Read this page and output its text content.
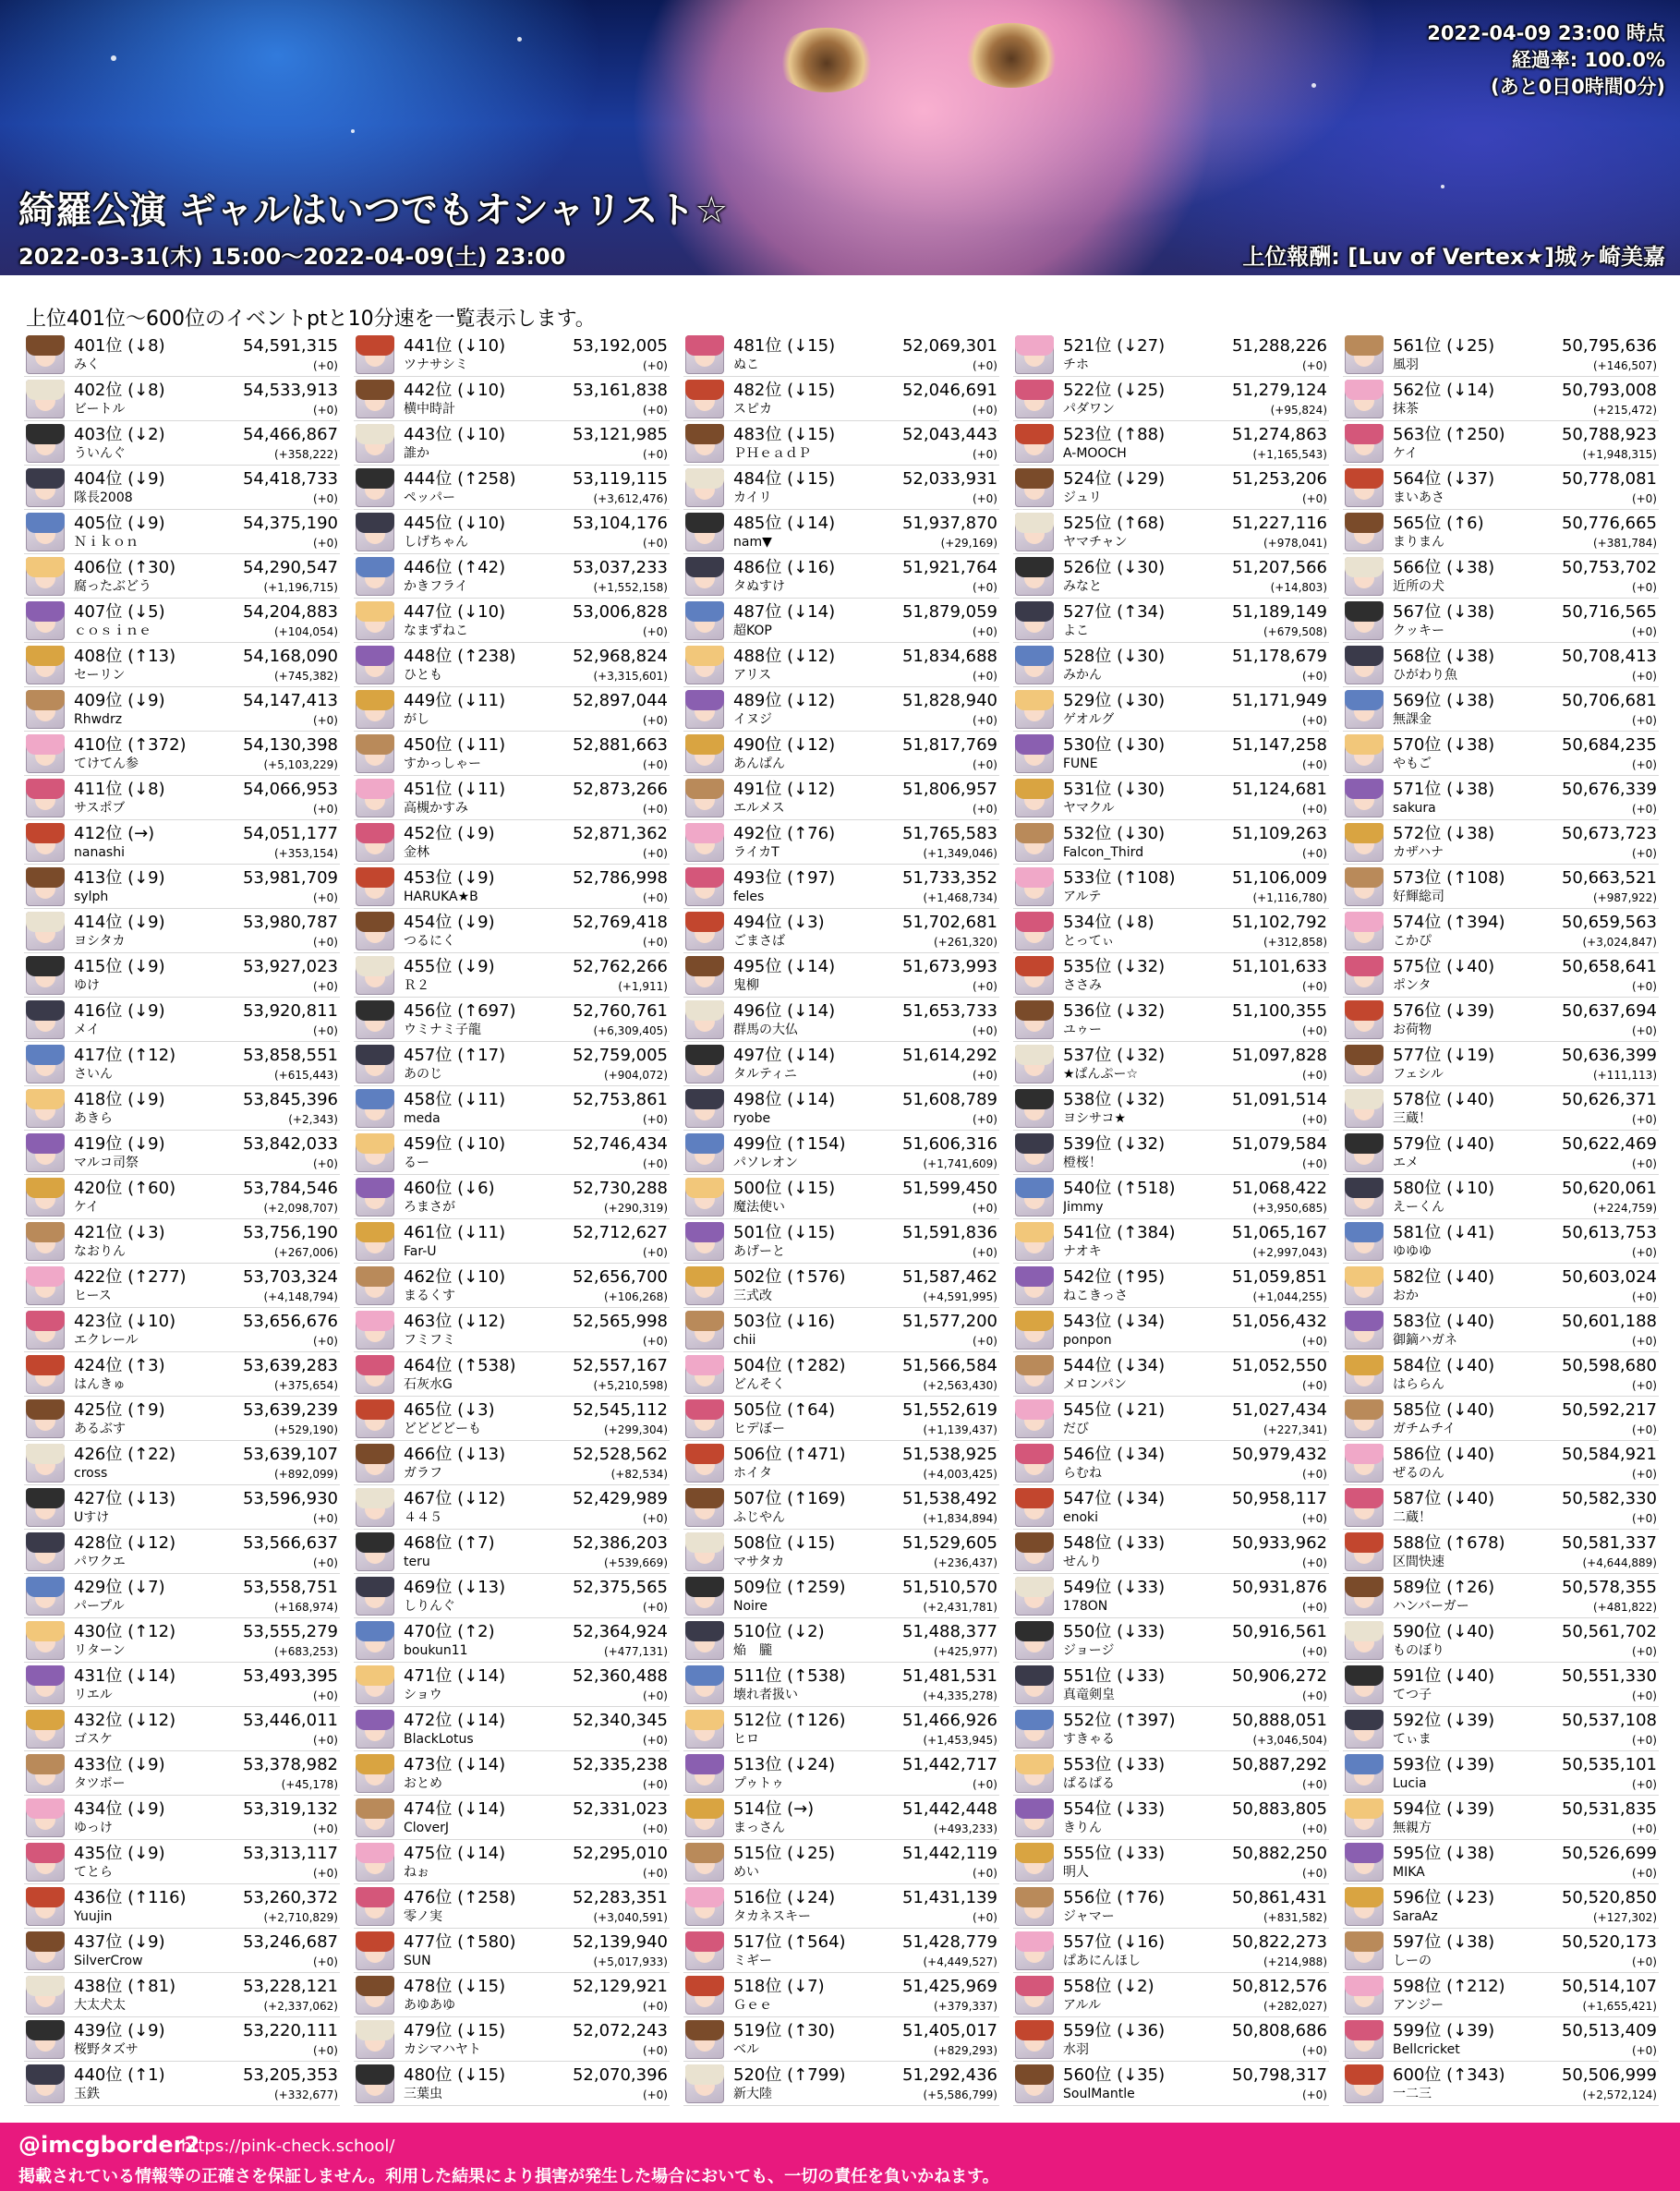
2022-04-09 23:00 時点
経過率: 100.0%
(あと0日0時間0分)
綺羅公演 ギャルはいつでもオシャリスト☆
2022-03-31(木) 15:00〜2022-04-09(土) 23:00	上位報酬: [Luv of Vertex★]城ヶ崎美嘉
上位401位〜600位のイベントptと10分速を一覧表示します。
401位 (↓8)	54,591,315
みく	(+0)
402位 (↓8)	54,533,913
ビートル	(+0)
403位 (↓2)	54,466,867
ういんぐ	(+358,222)
404位 (↓9)	54,418,733
隊長2008	(+0)
405位 (↓9)	54,375,190
Ｎｉｋｏｎ	(+0)
406位 (↑30)	54,290,547
腐ったぶどう	(+1,196,715)
407位 (↓5)	54,204,883
ｃｏｓｉｎｅ	(+104,054)
408位 (↑13)	54,168,090
セーリン	(+745,382)
409位 (↓9)	54,147,413
Rhwdrz	(+0)
410位 (↑372)	54,130,398
てけてん参	(+5,103,229)
411位 (↓8)	54,066,953
サスポブ	(+0)
412位 (→)	54,051,177
nanashi	(+353,154)
413位 (↓9)	53,981,709
sylph	(+0)
414位 (↓9)	53,980,787
ヨシタカ	(+0)
415位 (↓9)	53,927,023
ゆけ	(+0)
416位 (↓9)	53,920,811
メイ	(+0)
417位 (↑12)	53,858,551
さいん	(+615,443)
418位 (↓9)	53,845,396
あきら	(+2,343)
419位 (↓9)	53,842,033
マルコ司祭	(+0)
420位 (↑60)	53,784,546
ケイ	(+2,098,707)
421位 (↓3)	53,756,190
なおりん	(+267,006)
422位 (↑277)	53,703,324
ヒース	(+4,148,794)
423位 (↓10)	53,656,676
エクレール	(+0)
424位 (↑3)	53,639,283
はんきゅ	(+375,654)
425位 (↑9)	53,639,239
あるぶす	(+529,190)
426位 (↑22)	53,639,107
cross	(+892,099)
427位 (↓13)	53,596,930
Uすけ	(+0)
428位 (↓12)	53,566,637
パワクエ	(+0)
429位 (↓7)	53,558,751
パープル	(+168,974)
430位 (↑12)	53,555,279
リターン	(+683,253)
431位 (↓14)	53,493,395
リエル	(+0)
432位 (↓12)	53,446,011
ゴスケ	(+0)
433位 (↓9)	53,378,982
タツボー	(+45,178)
434位 (↓9)	53,319,132
ゆっけ	(+0)
435位 (↓9)	53,313,117
てとら	(+0)
436位 (↑116)	53,260,372
Yuujin	(+2,710,829)
437位 (↓9)	53,246,687
SilverCrow	(+0)
438位 (↑81)	53,228,121
大太犬太	(+2,337,062)
439位 (↓9)	53,220,111
桜野タズサ	(+0)
440位 (↑1)	53,205,353
玉鉄	(+332,677)
441位 (↓10)	53,192,005
ツナサシミ	(+0)
442位 (↓10)	53,161,838
横中時計	(+0)
443位 (↓10)	53,121,985
誰か	(+0)
444位 (↑258)	53,119,115
ペッパー	(+3,612,476)
445位 (↓10)	53,104,176
しげちゃん	(+0)
446位 (↑42)	53,037,233
かきフライ	(+1,552,158)
447位 (↓10)	53,006,828
なまずねこ	(+0)
448位 (↑238)	52,968,824
ひとも	(+3,315,601)
449位 (↓11)	52,897,044
がし	(+0)
450位 (↓11)	52,881,663
すかっしゃー	(+0)
451位 (↓11)	52,873,266
高槻かすみ	(+0)
452位 (↓9)	52,871,362
金林	(+0)
453位 (↓9)	52,786,998
HARUKA★B	(+0)
454位 (↓9)	52,769,418
つるにく	(+0)
455位 (↓9)	52,762,266
Ｒ２	(+1,911)
456位 (↑697)	52,760,761
ウミナミ子龍	(+6,309,405)
457位 (↑17)	52,759,005
あのじ	(+904,072)
458位 (↓11)	52,753,861
meda	(+0)
459位 (↓10)	52,746,434
るー	(+0)
460位 (↓6)	52,730,288
ろまさが	(+290,319)
461位 (↓11)	52,712,627
Far-U	(+0)
462位 (↓10)	52,656,700
まるくす	(+106,268)
463位 (↓12)	52,565,998
フミフミ	(+0)
464位 (↑538)	52,557,167
石灰水G	(+5,210,598)
465位 (↓3)	52,545,112
どどどどーも	(+299,304)
466位 (↓13)	52,528,562
ガラフ	(+82,534)
467位 (↓12)	52,429,989
４４５	(+0)
468位 (↑7)	52,386,203
teru	(+539,669)
469位 (↓13)	52,375,565
しりんぐ	(+0)
470位 (↑2)	52,364,924
boukun11	(+477,131)
471位 (↓14)	52,360,488
ショウ	(+0)
472位 (↓14)	52,340,345
BlackLotus	(+0)
473位 (↓14)	52,335,238
おとめ	(+0)
474位 (↓14)	52,331,023
CloverJ	(+0)
475位 (↓14)	52,295,010
ねぉ	(+0)
476位 (↑258)	52,283,351
零ノ実	(+3,040,591)
477位 (↑580)	52,139,940
SUN	(+5,017,933)
478位 (↓15)	52,129,921
あゆあゆ	(+0)
479位 (↓15)	52,072,243
カシマハヤト	(+0)
480位 (↓15)	52,070,396
三葉虫	(+0)
481位 (↓15)	52,069,301
ぬこ	(+0)
482位 (↓15)	52,046,691
スピカ	(+0)
483位 (↓15)	52,043,443
ＰＨｅａｄＰ	(+0)
484位 (↓15)	52,033,931
カイリ	(+0)
485位 (↓14)	51,937,870
nam▼	(+29,169)
486位 (↓16)	51,921,764
タぬすけ	(+0)
487位 (↓14)	51,879,059
超KOP	(+0)
488位 (↓12)	51,834,688
アリス	(+0)
489位 (↓12)	51,828,940
イヌジ	(+0)
490位 (↓12)	51,817,769
あんぱん	(+0)
491位 (↓12)	51,806,957
エルメス	(+0)
492位 (↑76)	51,765,583
ライカT	(+1,349,046)
493位 (↑97)	51,733,352
feles	(+1,468,734)
494位 (↓3)	51,702,681
ごまさば	(+261,320)
495位 (↓14)	51,673,993
鬼柳	(+0)
496位 (↓14)	51,653,733
群馬の大仏	(+0)
497位 (↓14)	51,614,292
タルティニ	(+0)
498位 (↓14)	51,608,789
ryobe	(+0)
499位 (↑154)	51,606,316
パソレオン	(+1,741,609)
500位 (↓15)	51,599,450
魔法使い	(+0)
501位 (↓15)	51,591,836
あげーと	(+0)
502位 (↑576)	51,587,462
三式改	(+4,591,995)
503位 (↓16)	51,577,200
chii	(+0)
504位 (↑282)	51,566,584
どんそく	(+2,563,430)
505位 (↑64)	51,552,619
ヒデぼー	(+1,139,437)
506位 (↑471)	51,538,925
ホイタ	(+4,003,425)
507位 (↑169)	51,538,492
ふじやん	(+1,834,894)
508位 (↓15)	51,529,605
マサタカ	(+236,437)
509位 (↑259)	51,510,570
Noire	(+2,431,781)
510位 (↓2)	51,488,377
焔　朧	(+425,977)
511位 (↑538)	51,481,531
壊れ者扱い	(+4,335,278)
512位 (↑126)	51,466,926
ヒロ	(+1,453,945)
513位 (↓24)	51,442,717
プゥトゥ	(+0)
514位 (→)	51,442,448
まっさん	(+493,233)
515位 (↓25)	51,442,119
めい	(+0)
516位 (↓24)	51,431,139
タカネスキー	(+0)
517位 (↑564)	51,428,779
ミギー	(+4,449,527)
518位 (↓7)	51,425,969
Ｇｅｅ	(+379,337)
519位 (↑30)	51,405,017
ベル	(+829,293)
520位 (↑799)	51,292,436
新大陸	(+5,586,799)
521位 (↓27)	51,288,226
チホ	(+0)
522位 (↓25)	51,279,124
パダワン	(+95,824)
523位 (↑88)	51,274,863
A-MOOCH	(+1,165,543)
524位 (↓29)	51,253,206
ジュリ	(+0)
525位 (↑68)	51,227,116
ヤマチャン	(+978,041)
526位 (↓30)	51,207,566
みなと	(+14,803)
527位 (↑34)	51,189,149
よこ	(+679,508)
528位 (↓30)	51,178,679
みかん	(+0)
529位 (↓30)	51,171,949
ゲオルグ	(+0)
530位 (↓30)	51,147,258
FUNE	(+0)
531位 (↓30)	51,124,681
ヤマクル	(+0)
532位 (↓30)	51,109,263
Falcon_Third	(+0)
533位 (↑108)	51,106,009
アルテ	(+1,116,780)
534位 (↓8)	51,102,792
とってぃ	(+312,858)
535位 (↓32)	51,101,633
ささみ	(+0)
536位 (↓32)	51,100,355
ユゥー	(+0)
537位 (↓32)	51,097,828
★ぱんぷー☆	(+0)
538位 (↓32)	51,091,514
ヨシサコ★	(+0)
539位 (↓32)	51,079,584
橙桜！	(+0)
540位 (↑518)	51,068,422
Jimmy	(+3,950,685)
541位 (↑384)	51,065,167
ナオキ	(+2,997,043)
542位 (↑95)	51,059,851
ねこきっさ	(+1,044,255)
543位 (↓34)	51,056,432
ponpon	(+0)
544位 (↓34)	51,052,550
メロンパン	(+0)
545位 (↓21)	51,027,434
だび	(+227,341)
546位 (↓34)	50,979,432
らむね	(+0)
547位 (↓34)	50,958,117
enoki	(+0)
548位 (↓33)	50,933,962
せんり	(+0)
549位 (↓33)	50,931,876
178ON	(+0)
550位 (↓33)	50,916,561
ジョージ	(+0)
551位 (↓33)	50,906,272
真竜剣皇	(+0)
552位 (↑397)	50,888,051
すきゃる	(+3,046,504)
553位 (↓33)	50,887,292
ぱるぱる	(+0)
554位 (↓33)	50,883,805
きりん	(+0)
555位 (↓33)	50,882,250
明人	(+0)
556位 (↑76)	50,861,431
ジャマー	(+831,582)
557位 (↓16)	50,822,273
ぱあにんほし	(+214,988)
558位 (↓2)	50,812,576
アルル	(+282,027)
559位 (↓36)	50,808,686
水羽	(+0)
560位 (↓35)	50,798,317
SoulMantle	(+0)
561位 (↓25)	50,795,636
風羽	(+146,507)
562位 (↓14)	50,793,008
抹茶	(+215,472)
563位 (↑250)	50,788,923
ケイ	(+1,948,315)
564位 (↓37)	50,778,081
まいあさ	(+0)
565位 (↑6)	50,776,665
まりまん	(+381,784)
566位 (↓38)	50,753,702
近所の犬	(+0)
567位 (↓38)	50,716,565
クッキー	(+0)
568位 (↓38)	50,708,413
ひがわり魚	(+0)
569位 (↓38)	50,706,681
無課金	(+0)
570位 (↓38)	50,684,235
やもご	(+0)
571位 (↓38)	50,676,339
sakura	(+0)
572位 (↓38)	50,673,723
カザハナ	(+0)
573位 (↑108)	50,663,521
好輝総司	(+987,922)
574位 (↑394)	50,659,563
こかぴ	(+3,024,847)
575位 (↓40)	50,658,641
ポンタ	(+0)
576位 (↓39)	50,637,694
お荷物	(+0)
577位 (↓19)	50,636,399
フェシル	(+111,113)
578位 (↓40)	50,626,371
三蔵！	(+0)
579位 (↓40)	50,622,469
エメ	(+0)
580位 (↓10)	50,620,061
えーくん	(+224,759)
581位 (↓41)	50,613,753
ゆゆゆ	(+0)
582位 (↓40)	50,603,024
おか	(+0)
583位 (↓40)	50,601,188
御鏑ハガネ	(+0)
584位 (↓40)	50,598,680
はららん	(+0)
585位 (↓40)	50,592,217
ガチムチイ	(+0)
586位 (↓40)	50,584,921
ぜるのん	(+0)
587位 (↓40)	50,582,330
二蔵！	(+0)
588位 (↑678)	50,581,337
区間快速	(+4,644,889)
589位 (↑26)	50,578,355
ハンバーガー	(+481,822)
590位 (↓40)	50,561,702
ものぼり	(+0)
591位 (↓40)	50,551,330
てつ子	(+0)
592位 (↓39)	50,537,108
てぃま	(+0)
593位 (↓39)	50,535,101
Lucia	(+0)
594位 (↓39)	50,531,835
無親方	(+0)
595位 (↓38)	50,526,699
MIKA	(+0)
596位 (↓23)	50,520,850
SaraAz	(+127,302)
597位 (↓38)	50,520,173
しーの	(+0)
598位 (↑212)	50,514,107
アンジー	(+1,655,421)
599位 (↓39)	50,513,409
Bellcricket	(+0)
600位 (↑343)	50,506,999
一二三	(+2,572,124)
@imcgborder2
https://pink-check.school/
掲載されている情報等の正確さを保証しません。利用した結果により損害が発生した場合においても、一切の責任を負いかねます。
